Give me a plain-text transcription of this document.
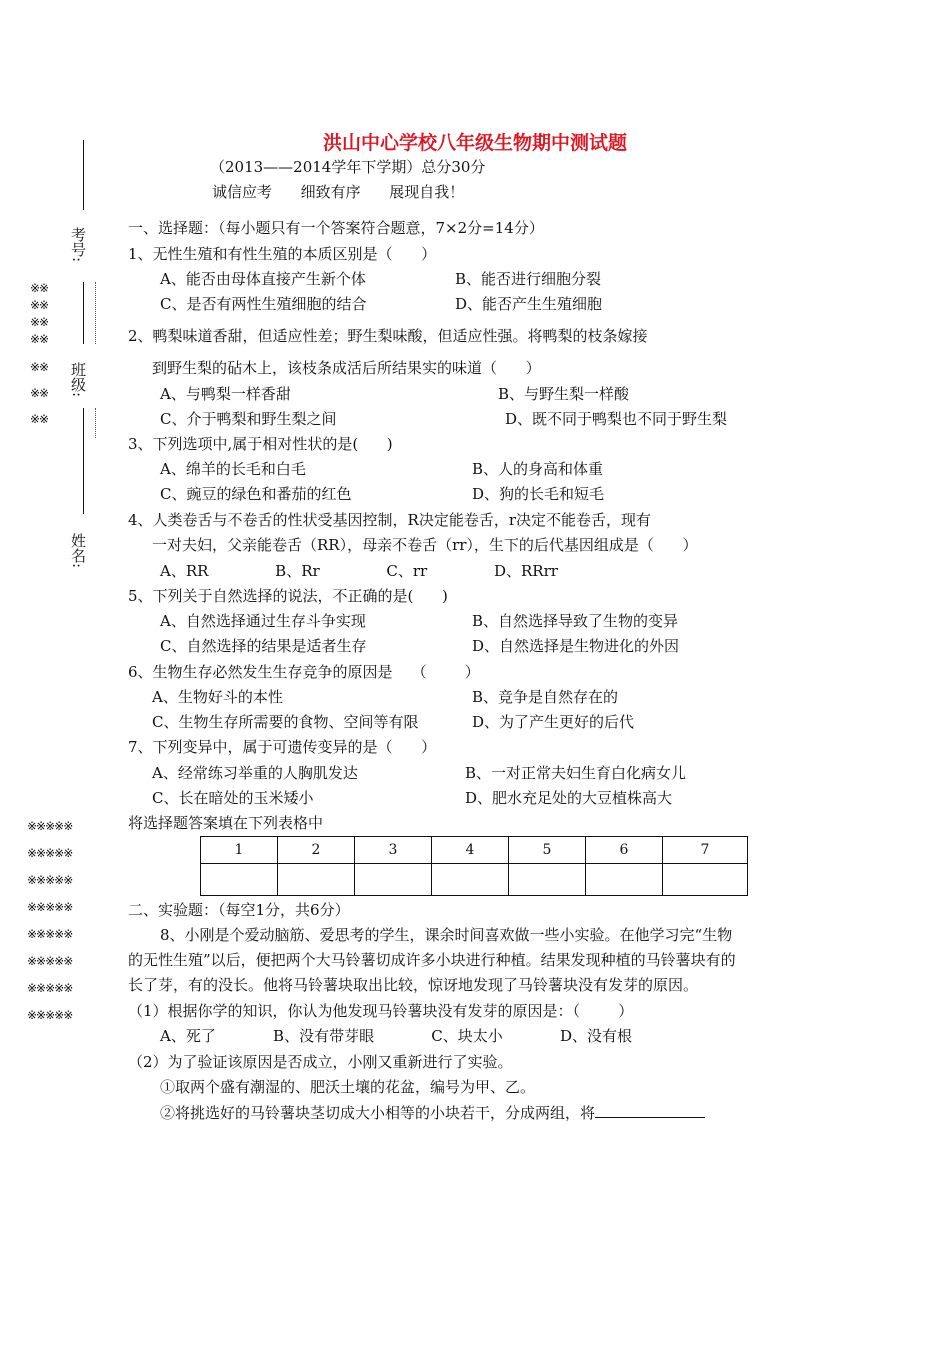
洪山中心学校八年级生物期中测试题
（2013——2014学年下学期）总分30分
诚信应考      细致有序      展现自我！
考号:
班级:
姓名:
※※
※※
※※
※※
※※
※※
※※
※※※※※
※※※※※
※※※※※
※※※※※
※※※※※
※※※※※
※※※※※
※※※※※
一、选择题：（每小题只有一个答案符合题意，7×2分=14分）
1、无性生殖和有性生殖的本质区别是（      ）
A、能否由母体直接产生新个体	B、能否进行细胞分裂
C、是否有两性生殖细胞的结合	D、能否产生生殖细胞
2、鸭梨味道香甜，但适应性差；野生梨味酸，但适应性强。将鸭梨的枝条嫁接
到野生梨的砧木上，该枝条成活后所结果实的味道（      ）
A、与鸭梨一样香甜	B、与野生梨一样酸
C、介于鸭梨和野生梨之间	D、既不同于鸭梨也不同于野生梨
3、下列选项中,属于相对性状的是(      )
A、绵羊的长毛和白毛	B、人的身高和体重
C、豌豆的绿色和番茄的红色	D、狗的长毛和短毛
4、人类卷舌与不卷舌的性状受基因控制，R决定能卷舌，r决定不能卷舌，现有
一对夫妇，父亲能卷舌（RR），母亲不卷舌（rr），生下的后代基因组成是（      ）
A、RR              B、Rr              C、rr              D、RRrr
5、下列关于自然选择的说法，不正确的是(      )
A、自然选择通过生存斗争实现	B、自然选择导致了生物的变异
C、自然选择的结果是适者生存	D、自然选择是生物进化的外因
6、生物生存必然发生生存竞争的原因是    （        ）
A、生物好斗的本性	B、竞争是自然存在的
C、生物生存所需要的食物、空间等有限	D、为了产生更好的后代
7、下列变异中，属于可遗传变异的是（      ）
A、经常练习举重的人胸肌发达	B、一对正常夫妇生育白化病女儿
C、长在暗处的玉米矮小	D、肥水充足处的大豆植株高大
将选择题答案填在下列表格中
1	2	3	4	5	6	7

二、实验题：（每空1分，共6分）
8、小刚是个爱动脑筋、爱思考的学生，课余时间喜欢做一些小实验。在他学习完“生物
的无性生殖”以后，便把两个大马铃薯切成许多小块进行种植。结果发现种植的马铃薯块有的
长了芽，有的没长。他将马铃薯块取出比较，惊讶地发现了马铃薯块没有发芽的原因。
（1）根据你学的知识，你认为他发现马铃薯块没有发芽的原因是：（        ）
A、死了            B、没有带芽眼            C、块太小            D、没有根
（2）为了验证该原因是否成立，小刚又重新进行了实验。
①取两个盛有潮湿的、肥沃土壤的花盆，编号为甲、乙。
②将挑选好的马铃薯块茎切成大小相等的小块若干，分成两组，将
